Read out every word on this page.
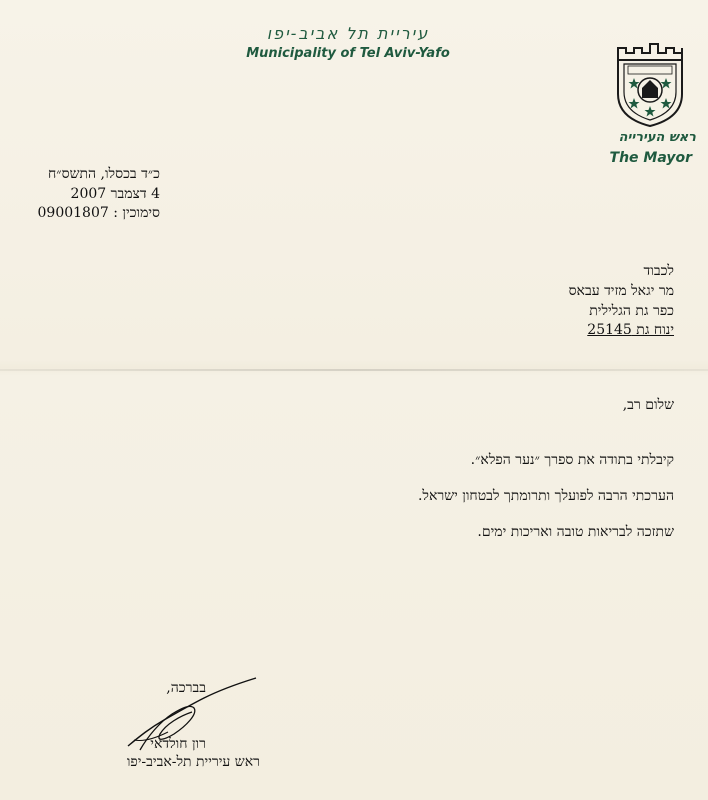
עיריית תל אביב-יפו
Municipality of Tel Aviv-Yafo
ראש העירייה
The Mayor
כ״ד בכסלו, התשס״ח
4 דצמבר 2007
סימוכין : 09001807
לכבוד
מר יגאל מזיד עבאס
כפר גת הגלילית
ינוח גת 25145
שלום רב,
קיבלתי בתודה את ספרך ״נער הפלא״.
הערכתי הרבה לפועלך ותרומתך לבטחון ישראל.
שתזכה לבריאות טובה ואריכות ימים.
בברכה,
רון חולדאי
ראש עיריית תל-אביב-יפו
